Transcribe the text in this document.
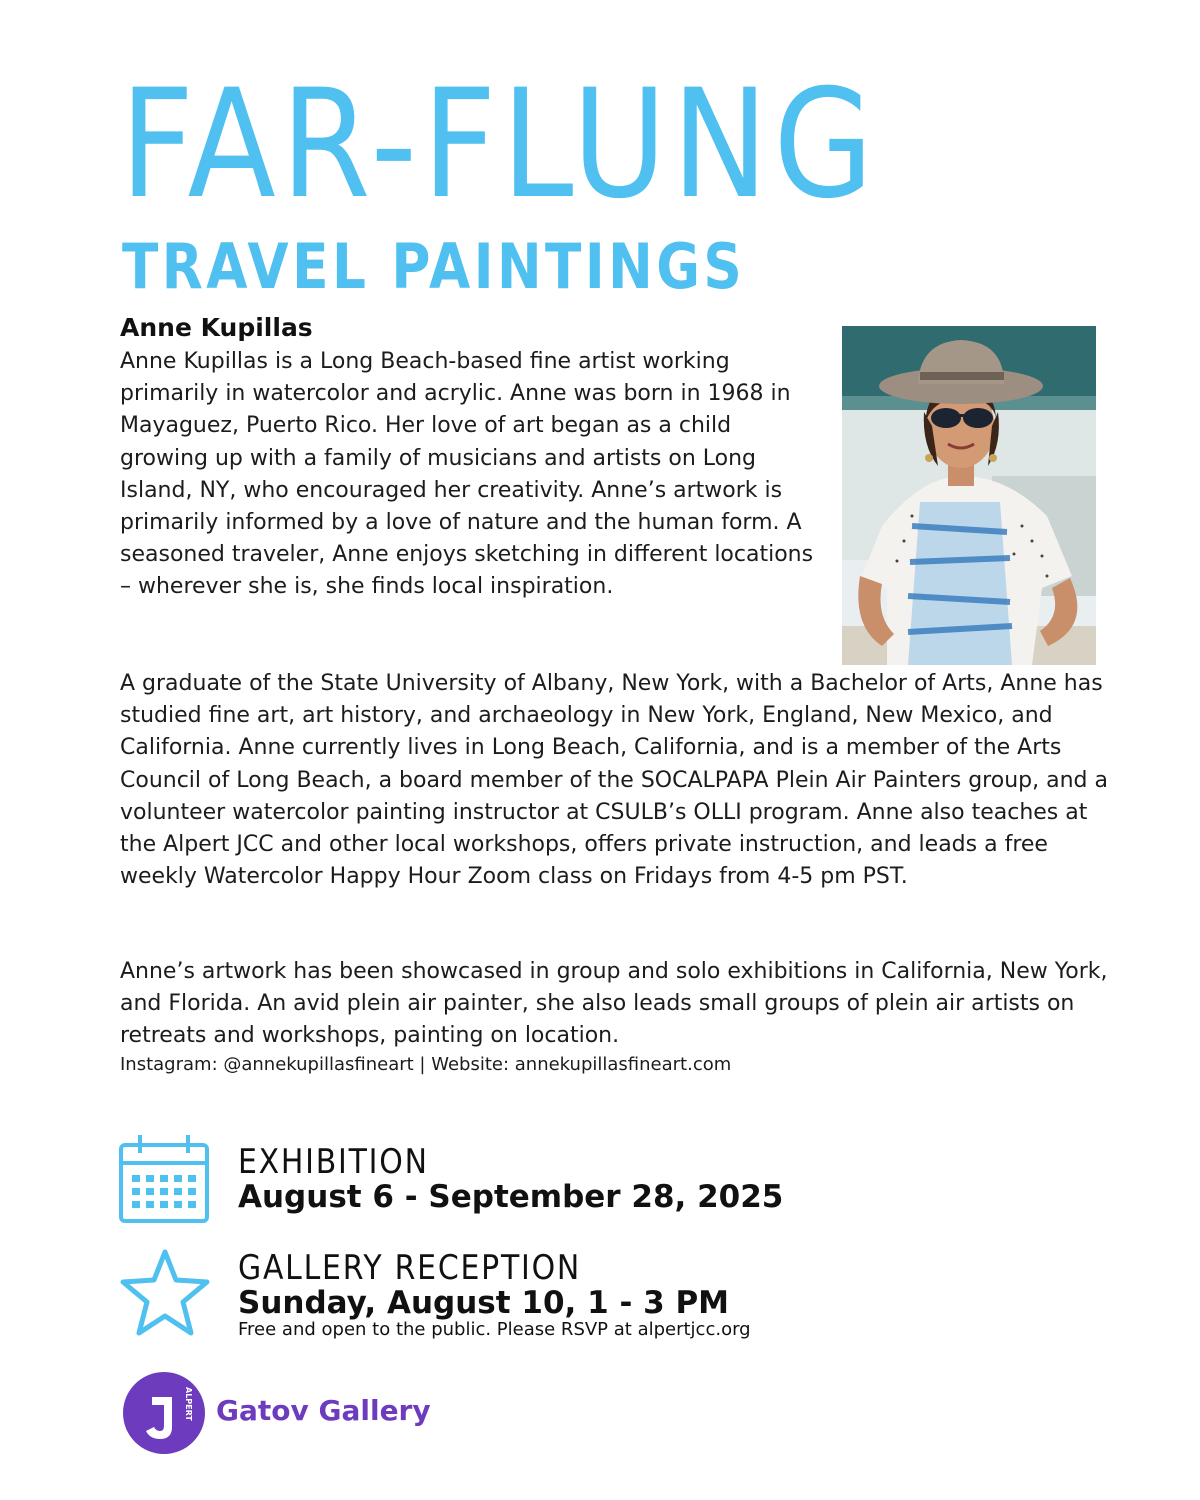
FAR-FLUNG
TRAVEL PAINTINGS
Anne Kupillas

Anne Kupillas is a Long Beach-based fine artist working primarily in watercolor and acrylic. Anne was born in 1968 in Mayaguez, Puerto Rico. Her love of art began as a child growing up with a family of musicians and artists on Long Island, NY, who encouraged her creativity. Anne’s artwork is primarily informed by a love of nature and the human form. A seasoned traveler, Anne enjoys sketching in different locations – wherever she is, she finds local inspiration.

A graduate of the State University of Albany, New York, with a Bachelor of Arts, Anne has studied fine art, art history, and archaeology in New York, England, New Mexico, and California. Anne currently lives in Long Beach, California, and is a member of the Arts Council of Long Beach, a board member of the SOCALPAPA Plein Air Painters group, and a volunteer watercolor painting instructor at CSULB’s OLLI program. Anne also teaches at the Alpert JCC and other local workshops, offers private instruction, and leads a free weekly Watercolor Happy Hour Zoom class on Fridays from 4-5 pm PST.

Anne’s artwork has been showcased in group and solo exhibitions in California, New York, and Florida. An avid plein air painter, she also leads small groups of plein air artists on retreats and workshops, painting on location.

Instagram: @annekupillasfineart | Website: annekupillasfineart.com

EXHIBITION
August 6 - September 28, 2025
GALLERY RECEPTION
Sunday, August 10, 1 - 3 PM

Free and open to the public. Please RSVP at alpertjcc.org

ALPERT Gatov Gallery
